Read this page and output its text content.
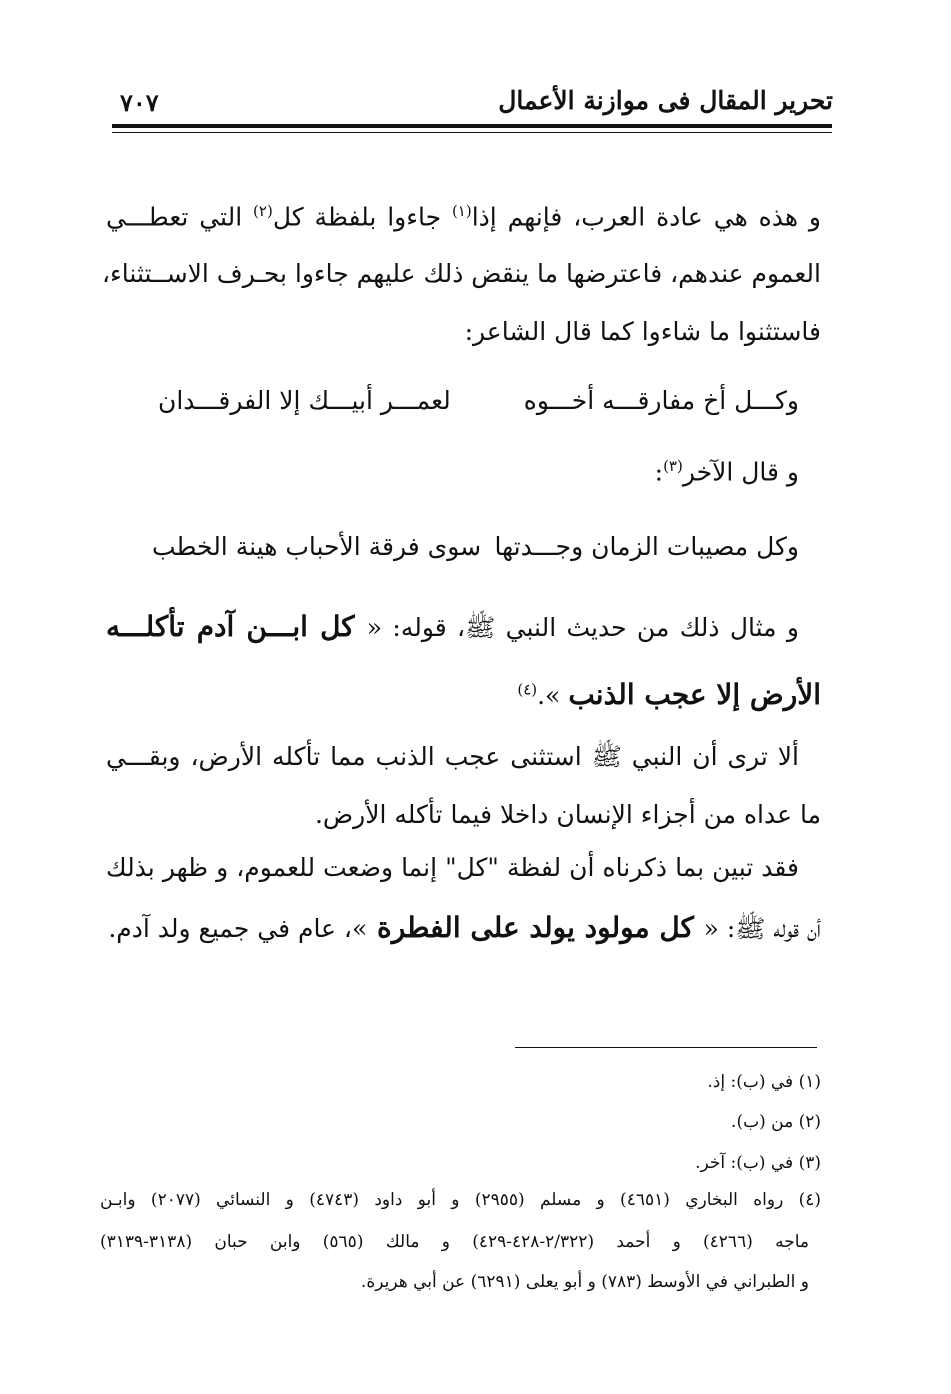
تحرير المقال فى موازنة الأعمال
٧٠٧
و هذه هي عادة العرب، فإنهم إذا$^{(١)}$ جاءوا بلفظة كل$^{(٢)}$ التي تعطـــي
العموم عندهم، فاعترضها ما ينقض ذلك عليهم جاءوا بحـرف الاســتثناء،
فاستثنوا ما شاءوا كما قال الشاعر:
وكـــل أخ مفارقـــه أخـــوه
لعمـــر أبيـــك إلا الفرقـــدان
و قال الآخر$^{(٣)}$:
وكل مصيبات الزمان وجـــدتها
سوى فرقة الأحباب هينة الخطب
و مثال ذلك من حديث النبي ﷺ، قوله: « كل ابـــن آدم تأكلـــه
الأرض إلا عجب الذنب ».$^{(٤)}$
ألا ترى أن النبي ﷺ استثنى عجب الذنب مما تأكله الأرض، وبقـــي
ما عداه من أجزاء الإنسان داخلا فيما تأكله الأرض.
فقد تبين بما ذكرناه أن لفظة "كل" إنما وضعت للعموم، و ظهر بذلك
أن قوله ﷺ: « كل مولود يولد على الفطرة »، عام في جميع ولد آدم.
(١) في (ب): إذ.
(٢) من (ب).
(٣) في (ب): آخر.
(٤) رواه البخاري (٤٦٥١) و مسلم (٢٩٥٥) و أبو داود (٤٧٤٣) و النسائي (٢٠٧٧) وابـن
ماجه (٤٢٦٦) و أحمد (٢/٣٢٢-٤٢٨-٤٢٩) و مالك (٥٦٥) وابن حبان (٣١٣٨-٣١٣٩)
و الطبراني في الأوسط (٧٨٣) و أبو يعلى (٦٢٩١) عن أبي هريرة.
